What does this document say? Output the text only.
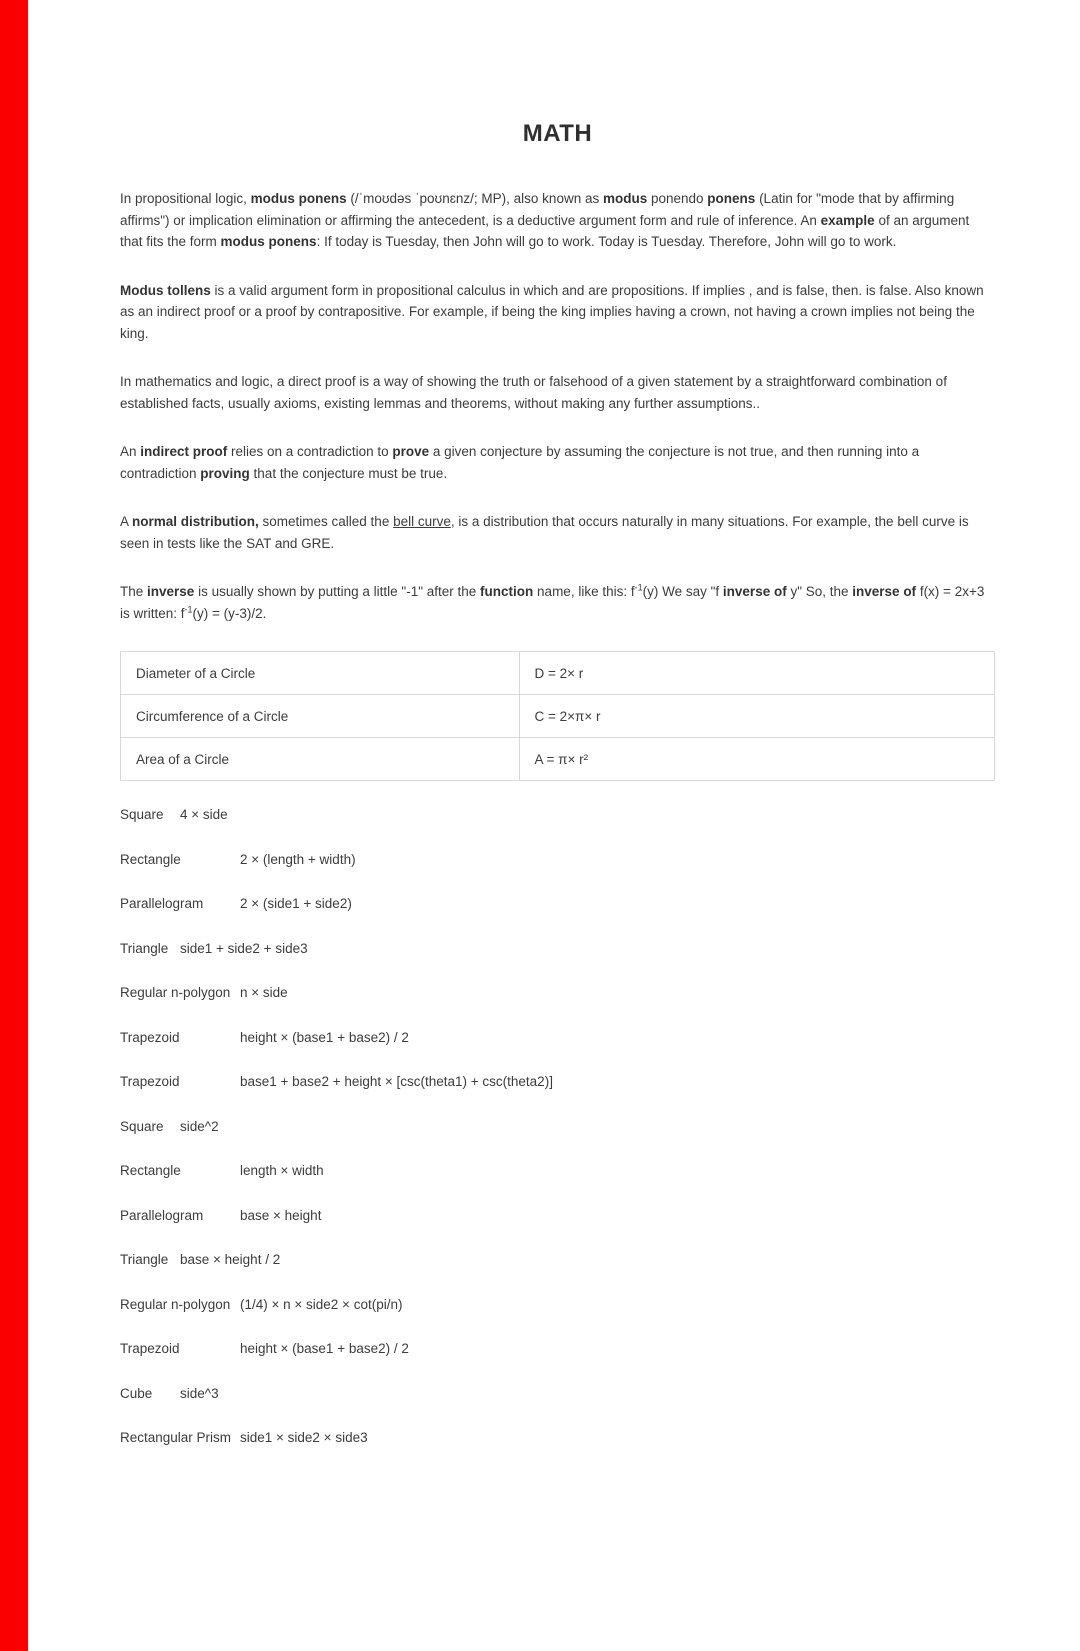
MATH

In propositional logic, modus ponens (/ˈmoʊdəs ˈpoʊnɛnz/; MP), also known as modus ponendo ponens (Latin for "mode that by affirming affirms") or implication elimination or affirming the antecedent, is a deductive argument form and rule of inference. An example of an argument that fits the form modus ponens: If today is Tuesday, then John will go to work. Today is Tuesday. Therefore, John will go to work.

Modus tollens is a valid argument form in propositional calculus in which and are propositions. If implies , and is false, then. is false. Also known as an indirect proof or a proof by contrapositive. For example, if being the king implies having a crown, not having a crown implies not being the king.

In mathematics and logic, a direct proof is a way of showing the truth or falsehood of a given statement by a straightforward combination of established facts, usually axioms, existing lemmas and theorems, without making any further assumptions..

An indirect proof relies on a contradiction to prove a given conjecture by assuming the conjecture is not true, and then running into a contradiction proving that the conjecture must be true.

A normal distribution, sometimes called the bell curve, is a distribution that occurs naturally in many situations. For example, the bell curve is seen in tests like the SAT and GRE.

The inverse is usually shown by putting a little "-1" after the function name, like this: $f^{-1}(y)$ We say "f inverse of y" So, the inverse of f(x) = 2x+3 is written: $f^{-1}(y) = (y-3)/2$.

Diameter of a Circle	D = 2× r
Circumference of a Circle	C = 2×π× r
Area of a Circle	A = π× r²
Square	4 × side
Rectangle		2 × (length + width)
Parallelogram		2 × (side1 + side2)
Triangle	side1 + side2 + side3
Regular n-polygon	n × side
Trapezoid		height × (base1 + base2) / 2
Trapezoid		base1 + base2 + height × [csc(theta1) + csc(theta2)]
Square	side^2
Rectangle		length × width
Parallelogram		base × height
Triangle	base × height / 2
Regular n-polygon	(1/4) × n × side2 × cot(pi/n)
Trapezoid		height × (base1 + base2) / 2
Cube	side^3
Rectangular Prism	side1 × side2 × side3
